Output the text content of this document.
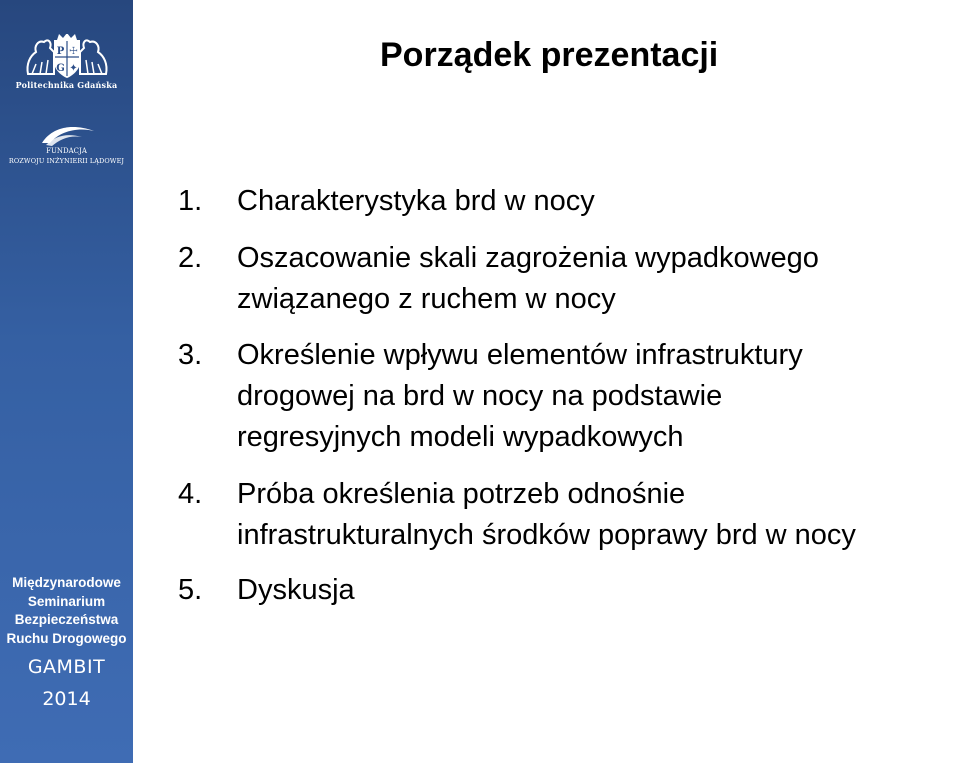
P
G
☩
✦
Politechnika Gdańska
FUNDACJA
ROZWOJU INŻYNIERII LĄDOWEJ
Międzynarodowe
Seminarium
Bezpieczeństwa
Ruchu Drogowego
GAMBIT
2014
Porządek prezentacji
1. Charakterystyka brd w nocy
2. Oszacowanie skali zagrożenia wypadkowego
związanego z ruchem w nocy
3. Określenie wpływu elementów infrastruktury
drogowej na brd w nocy na podstawie
regresyjnych modeli wypadkowych
4. Próba określenia potrzeb odnośnie
infrastrukturalnych środków poprawy brd w nocy
5. Dyskusja
